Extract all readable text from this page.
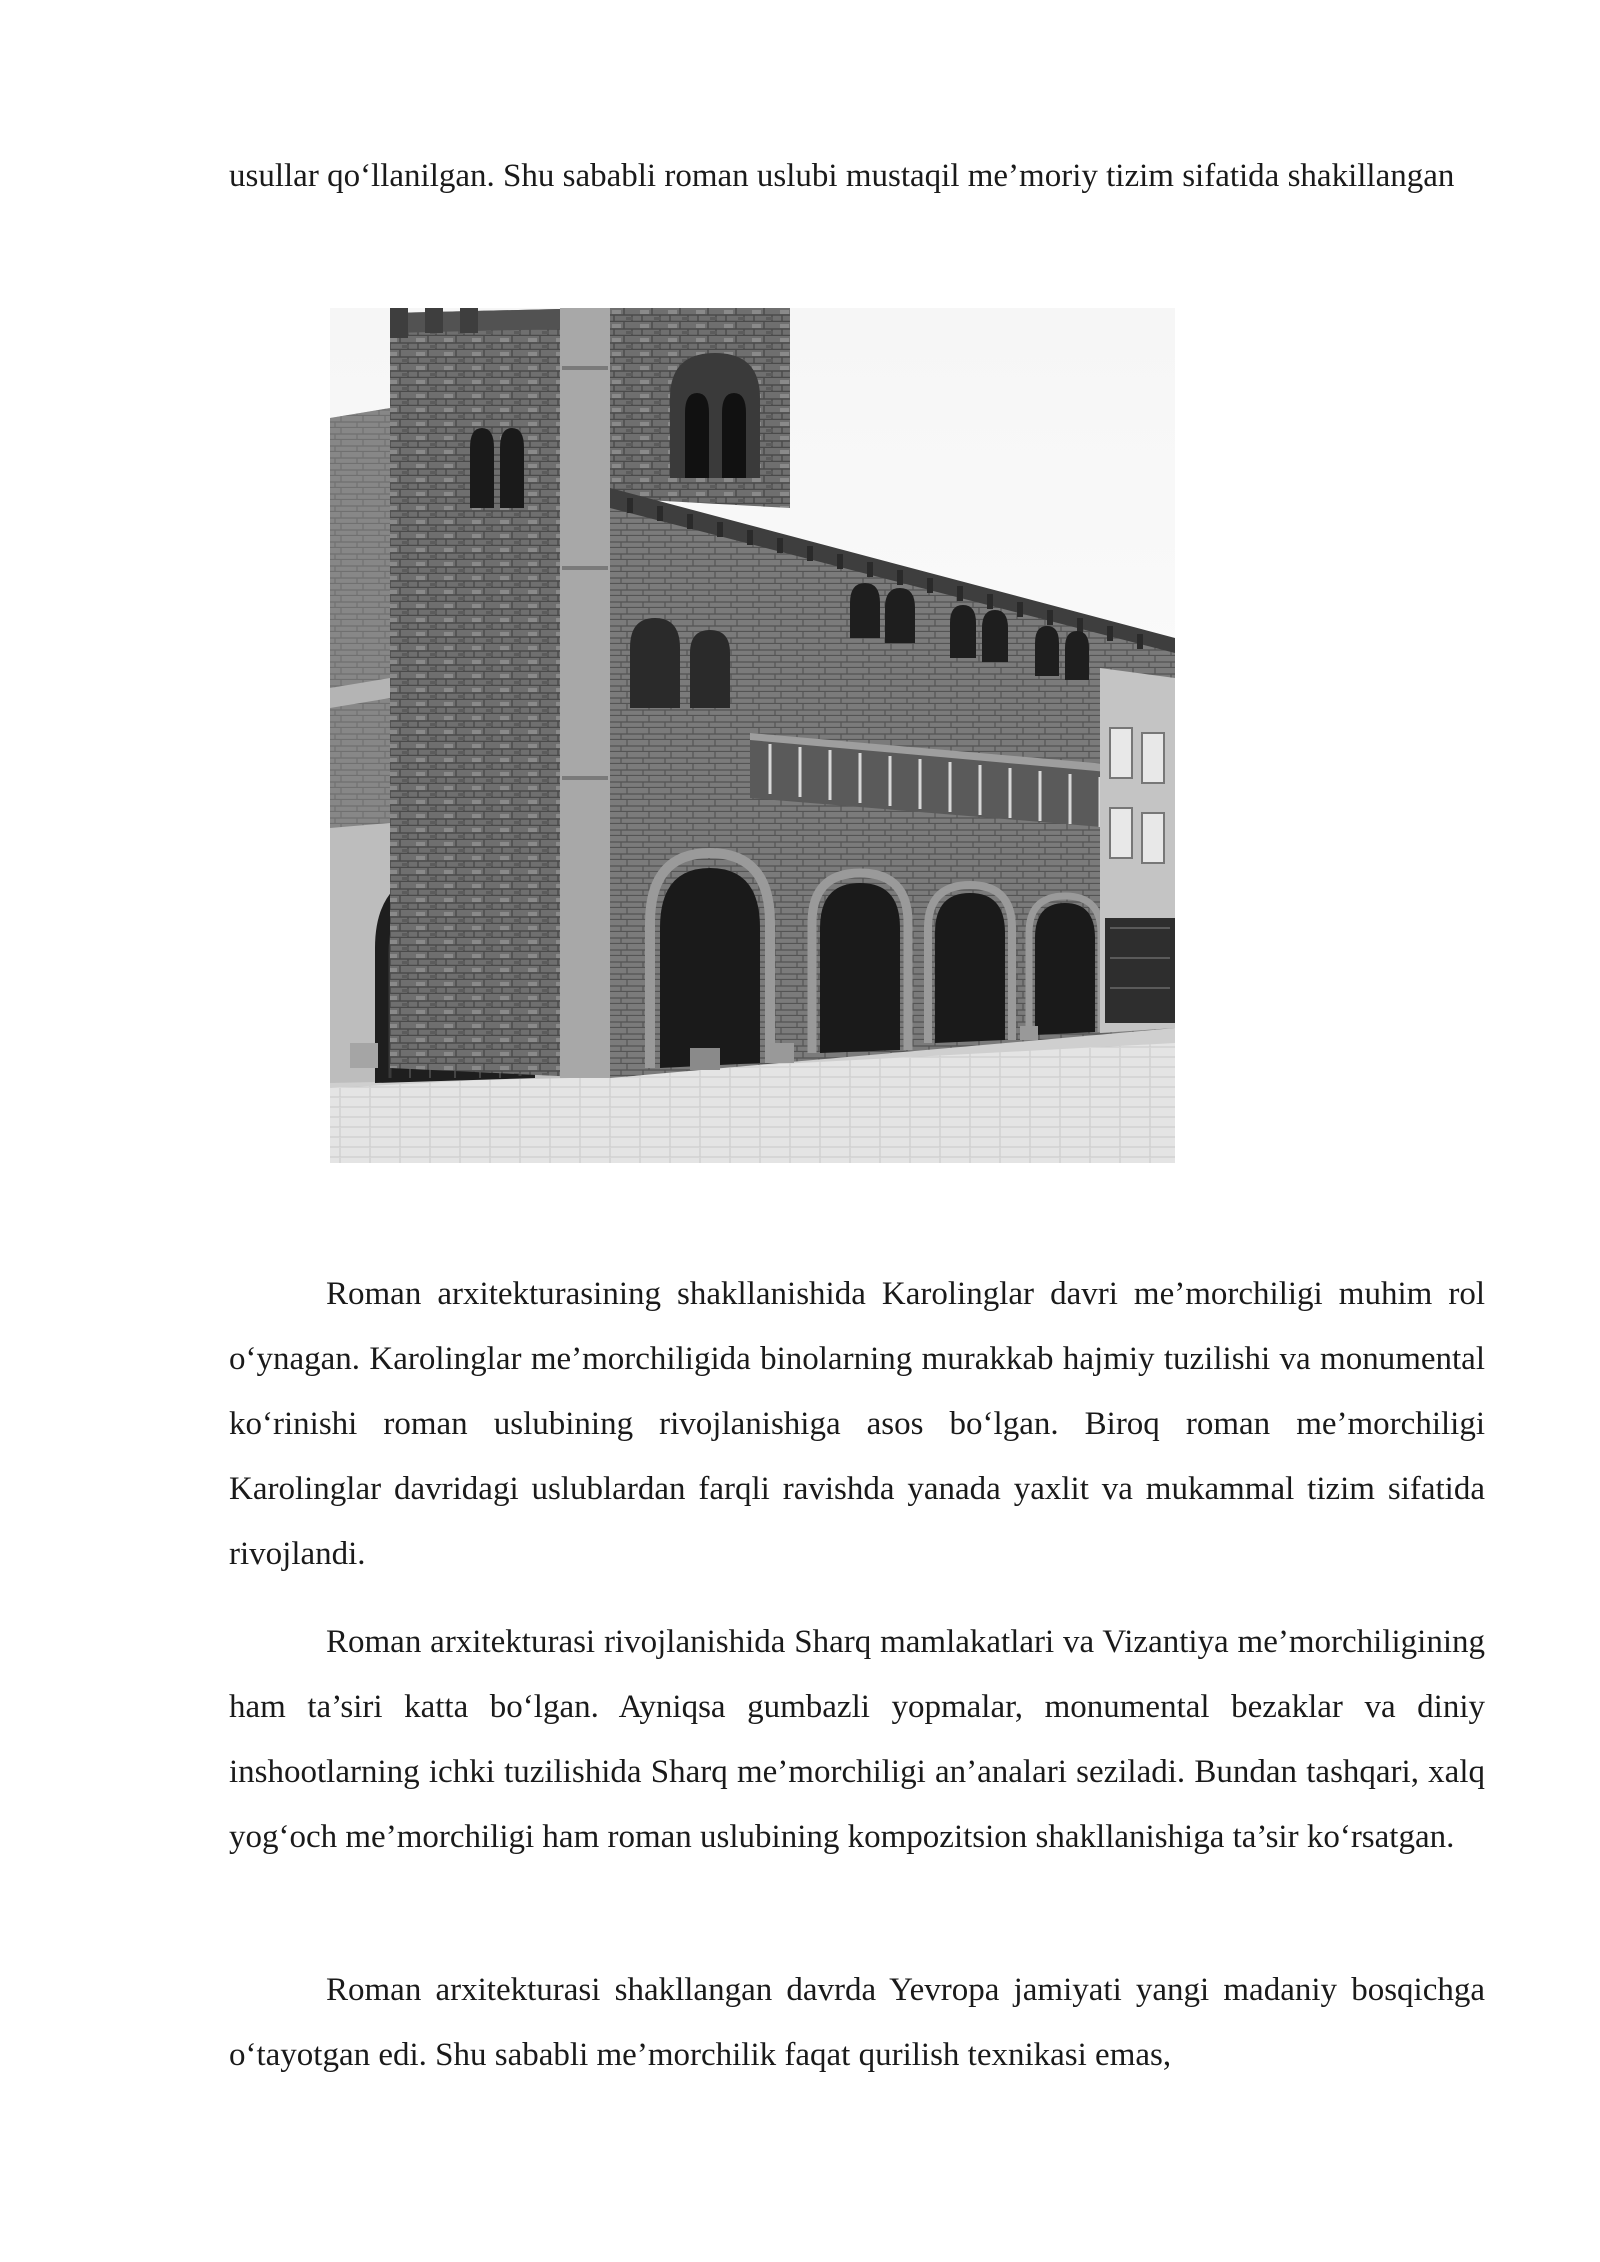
usullar qo‘llanilgan. Shu sababli roman uslubi mustaqil me’moriy tizim sifatida shakillangan

Roman arxitekturasining shakllanishida Karolinglar davri me’morchiligi muhim rol o‘ynagan. Karolinglar me’morchiligida binolarning murakkab hajmiy tuzilishi va monumental ko‘rinishi roman uslubining rivojlanishiga asos bo‘lgan. Biroq roman me’morchiligi Karolinglar davridagi uslublardan farqli ravishda yanada yaxlit va mukammal tizim sifatida rivojlandi.

Roman arxitekturasi rivojlanishida Sharq mamlakatlari va Vizantiya me’morchiligining ham ta’siri katta bo‘lgan. Ayniqsa gumbazli yopmalar, monumental bezaklar va diniy inshootlarning ichki tuzilishida Sharq me’morchiligi an’analari seziladi. Bundan tashqari, xalq yog‘och me’morchiligi ham roman uslubining kompozitsion shakllanishiga ta’sir ko‘rsatgan.

Roman arxitekturasi shakllangan davrda Yevropa jamiyati yangi madaniy bosqichga o‘tayotgan edi. Shu sababli me’morchilik faqat qurilish texnikasi emas,
